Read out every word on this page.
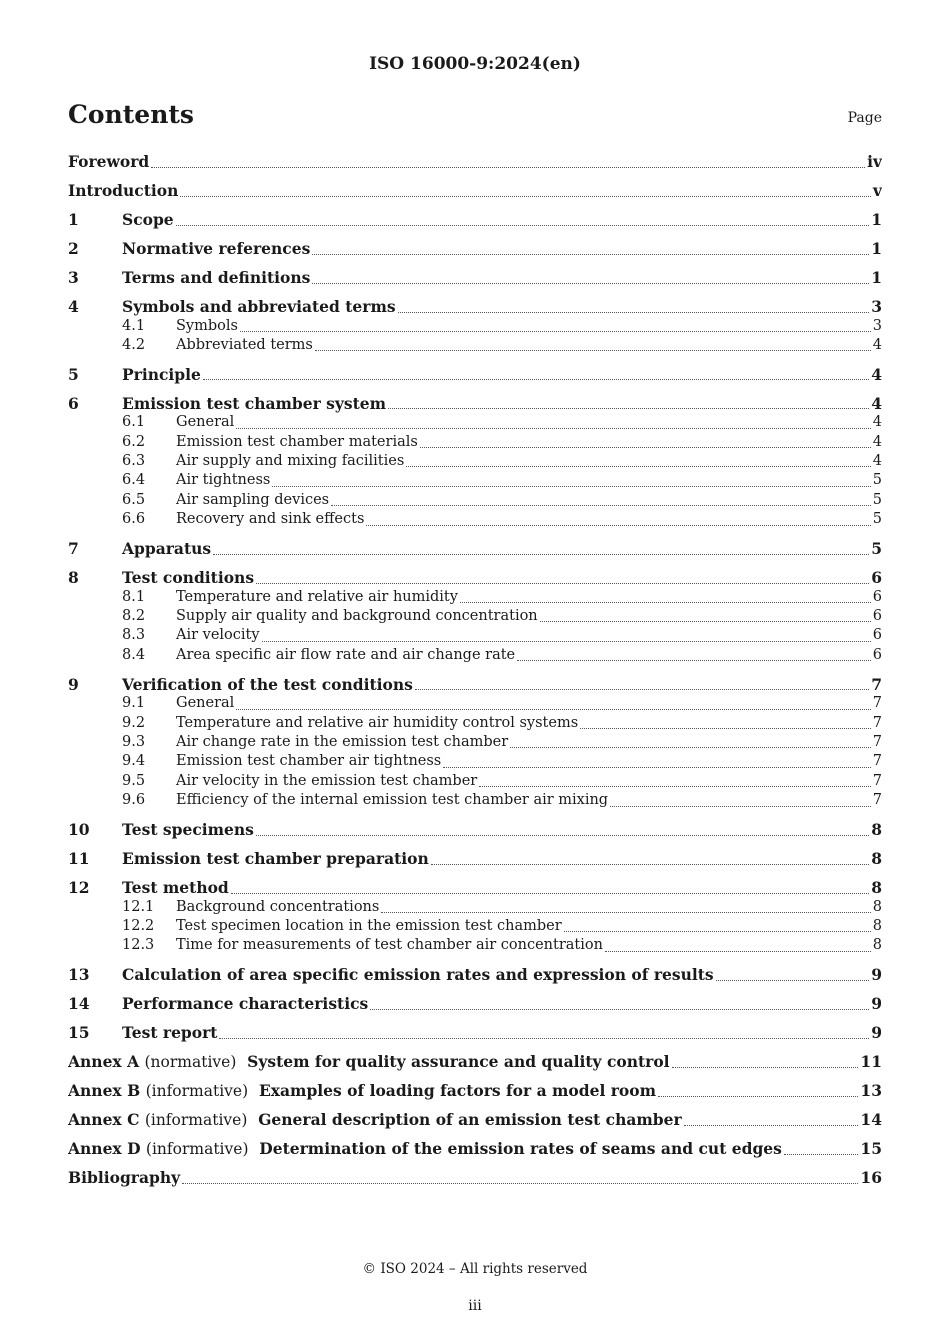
ISO 16000-9:2024(en)
Contents	Page
Foreword	iv
Introduction	v
1	Scope	1
2	Normative references	1
3	Terms and definitions	1
4	Symbols and abbreviated terms	3
4.1	Symbols	3
4.2	Abbreviated terms	4
5	Principle	4
6	Emission test chamber system	4
6.1	General	4
6.2	Emission test chamber materials	4
6.3	Air supply and mixing facilities	4
6.4	Air tightness	5
6.5	Air sampling devices	5
6.6	Recovery and sink effects	5
7	Apparatus	5
8	Test conditions	6
8.1	Temperature and relative air humidity	6
8.2	Supply air quality and background concentration	6
8.3	Air velocity	6
8.4	Area specific air flow rate and air change rate	6
9	Verification of the test conditions	7
9.1	General	7
9.2	Temperature and relative air humidity control systems	7
9.3	Air change rate in the emission test chamber	7
9.4	Emission test chamber air tightness	7
9.5	Air velocity in the emission test chamber	7
9.6	Efficiency of the internal emission test chamber air mixing	7
10	Test specimens	8
11	Emission test chamber preparation	8
12	Test method	8
12.1	Background concentrations	8
12.2	Test specimen location in the emission test chamber	8
12.3	Time for measurements of test chamber air concentration	8
13	Calculation of area specific emission rates and expression of results	9
14	Performance characteristics	9
15	Test report	9
Annex A (normative) System for quality assurance and quality control	11
Annex B (informative) Examples of loading factors for a model room	13
Annex C (informative) General description of an emission test chamber	14
Annex D (informative) Determination of the emission rates of seams and cut edges	15
Bibliography	16
© ISO 2024 – All rights reserved
iii
